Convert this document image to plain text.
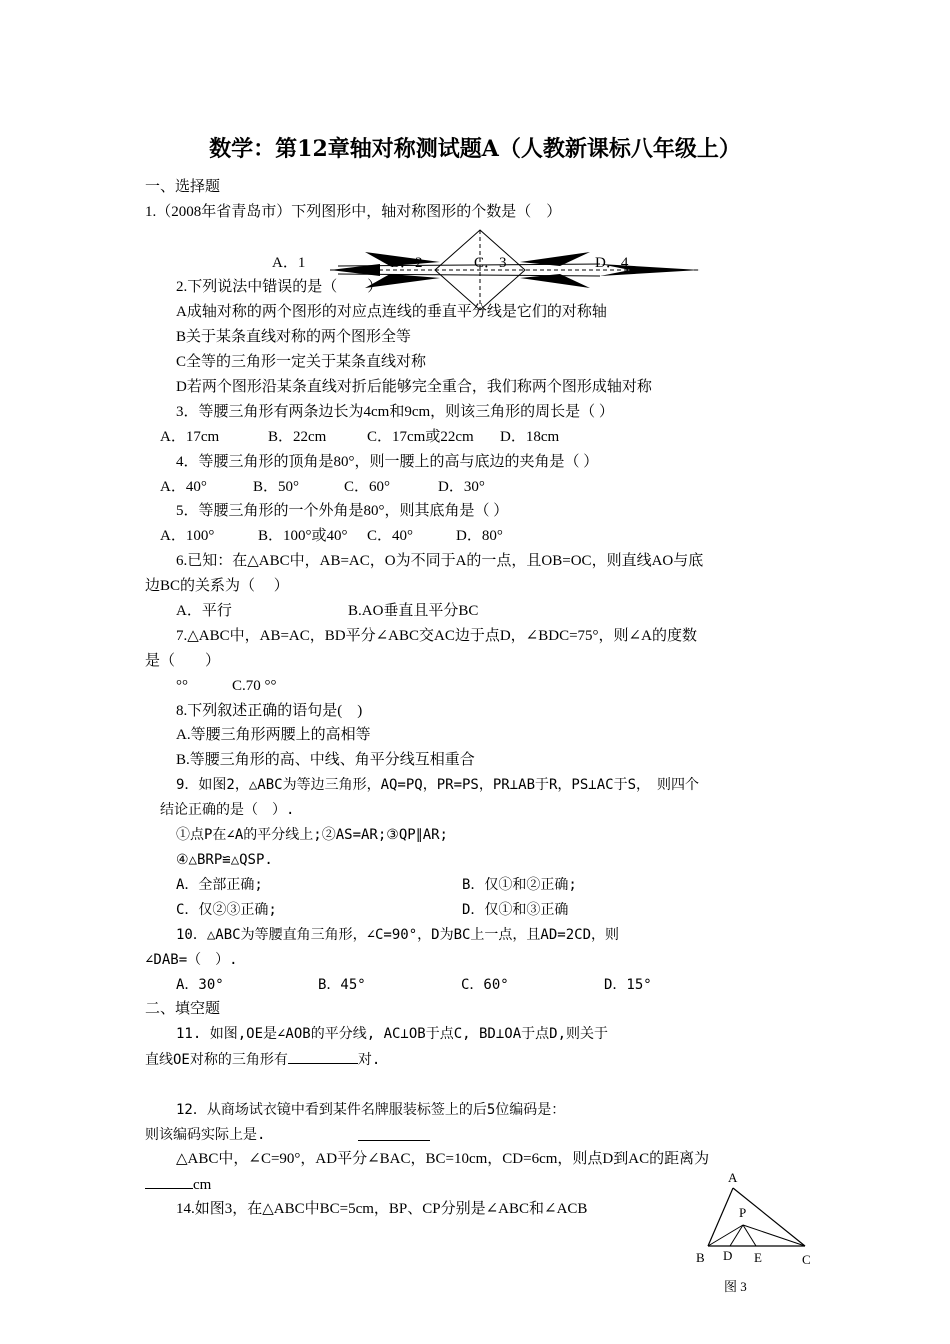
数学：第12章轴对称测试题A（人教新课标八年级上）
一、选择题
1.（2008年省青岛市）下列图形中，轴对称图形的个数是（　）
A．1	B．2	C．3	D．4
2.下列说法中错误的是（　　）
A成轴对称的两个图形的对应点连线的垂直平分线是它们的对称轴
B关于某条直线对称的两个图形全等
C全等的三角形一定关于某条直线对称
D若两个图形沿某条直线对折后能够完全重合，我们称两个图形成轴对称
3．等腰三角形有两条边长为4cm和9cm，则该三角形的周长是（ ）
A．17cm	B．22cm	C．17cm或22cm D．18cm
4．等腰三角形的顶角是80°，则一腰上的高与底边的夹角是（ ）
A．40°	B．50°	C．60°	D．30°
5．等腰三角形的一个外角是80°，则其底角是（ ）
A．100°	B．100°或40° C．40°	D．80°
6.已知：在△ABC中，AB=AC，O为不同于A的一点，且OB=OC，则直线AO与底
边BC的关系为（　 ）
A．平行	B.AO垂直且平分BC
7.△ABC中，AB=AC，BD平分∠ABC交AC边于点D，∠BDC=75°，则∠A的度数
是（　　）
°°	C.70 °°
8.下列叙述正确的语句是(　)
A.等腰三角形两腰上的高相等
B.等腰三角形的高、中线、角平分线互相重合
9．如图2，△ABC为等边三角形，AQ=PQ，PR=PS，PR⊥AB于R，PS⊥AC于S，　则四个
结论正确的是（　）.
①点P在∠A的平分线上;②AS=AR;③QP∥AR;
④△BRP≌△QSP.
A．全部正确;	B．仅①和②正确;
C．仅②③正确;	D．仅①和③正确
10．△ABC为等腰直角三角形，∠C=90°，D为BC上一点，且AD=2CD，则
∠DAB=（　）.
A．30°	B．45°	C．60°	D．15°
二、填空题
11. 如图,OE是∠AOB的平分线, AC⊥OB于点C, BD⊥OA于点D,则关于
直线OE对称的三角形有	对.
12．从商场试衣镜中看到某件名牌服装标签上的后5位编码是：
则该编码实际上是.
△ABC中，∠C=90°，AD平分∠BAC，BC=10cm，CD=6cm，则点D到AC的距离为
cm
14.如图3，在△ABC中BC=5cm，BP、CP分别是∠ABC和∠ACB
A
P
B D E	C
图 3
